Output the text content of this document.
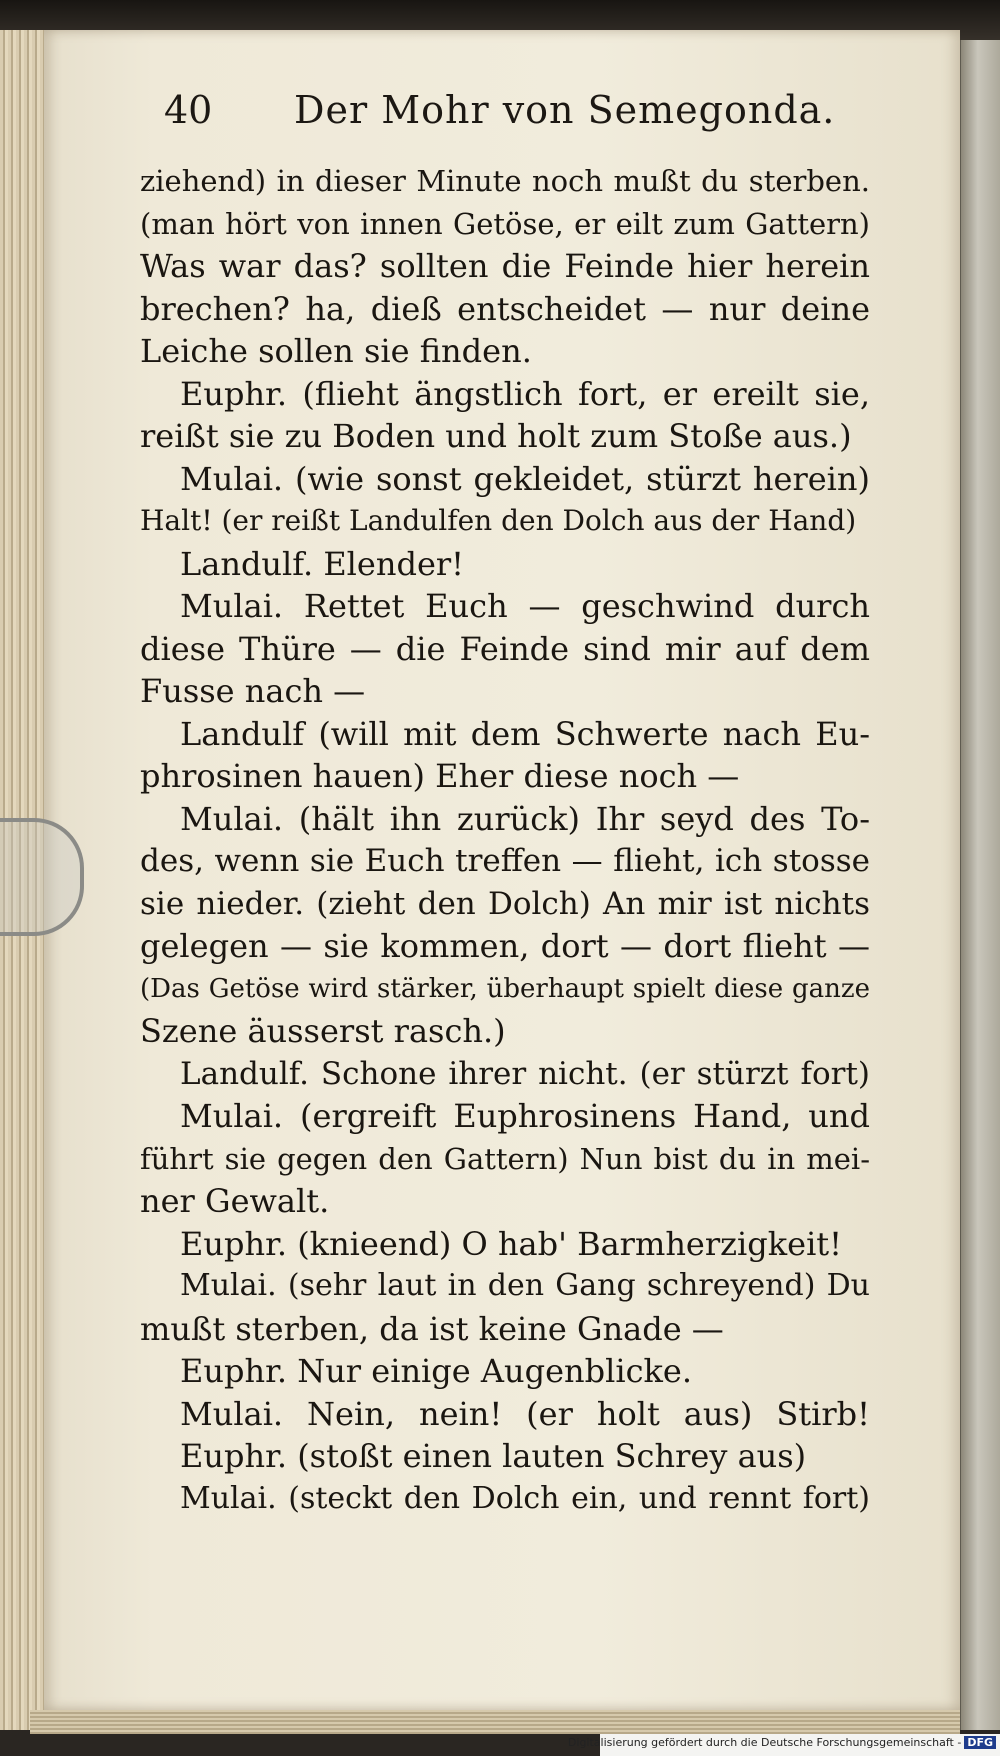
40 Der Mohr von Semegonda.
ziehend) in dieser Minute noch mußt du sterben.
(man hört von innen Getöse, er eilt zum Gattern)
Was war das? sollten die Feinde hier herein
brechen? ha, dieß entscheidet — nur deine
Leiche sollen sie finden.
Euphr. (flieht ängstlich fort, er ereilt sie,
reißt sie zu Boden und holt zum Stoße aus.)
Mulai. (wie sonst gekleidet, stürzt herein)
Halt! (er reißt Landulfen den Dolch aus der Hand)
Landulf. Elender!
Mulai. Rettet Euch — geschwind durch
diese Thüre — die Feinde sind mir auf dem
Fusse nach —
Landulf (will mit dem Schwerte nach Eu-
phrosinen hauen) Eher diese noch —
Mulai. (hält ihn zurück) Ihr seyd des To-
des, wenn sie Euch treffen — flieht, ich stosse
sie nieder. (zieht den Dolch) An mir ist nichts
gelegen — sie kommen, dort — dort flieht —
(Das Getöse wird stärker, überhaupt spielt diese ganze
Szene äusserst rasch.)
Landulf. Schone ihrer nicht. (er stürzt fort)
Mulai. (ergreift Euphrosinens Hand, und
führt sie gegen den Gattern) Nun bist du in mei-
ner Gewalt.
Euphr. (knieend) O hab' Barmherzigkeit!
Mulai. (sehr laut in den Gang schreyend) Du
mußt sterben, da ist keine Gnade —
Euphr. Nur einige Augenblicke.
Mulai. Nein, nein! (er holt aus) Stirb!
Euphr. (stoßt einen lauten Schrey aus)
Mulai. (steckt den Dolch ein, und rennt fort)
Digitalisierung gefördert durch die Deutsche Forschungsgemeinschaft - DFG
